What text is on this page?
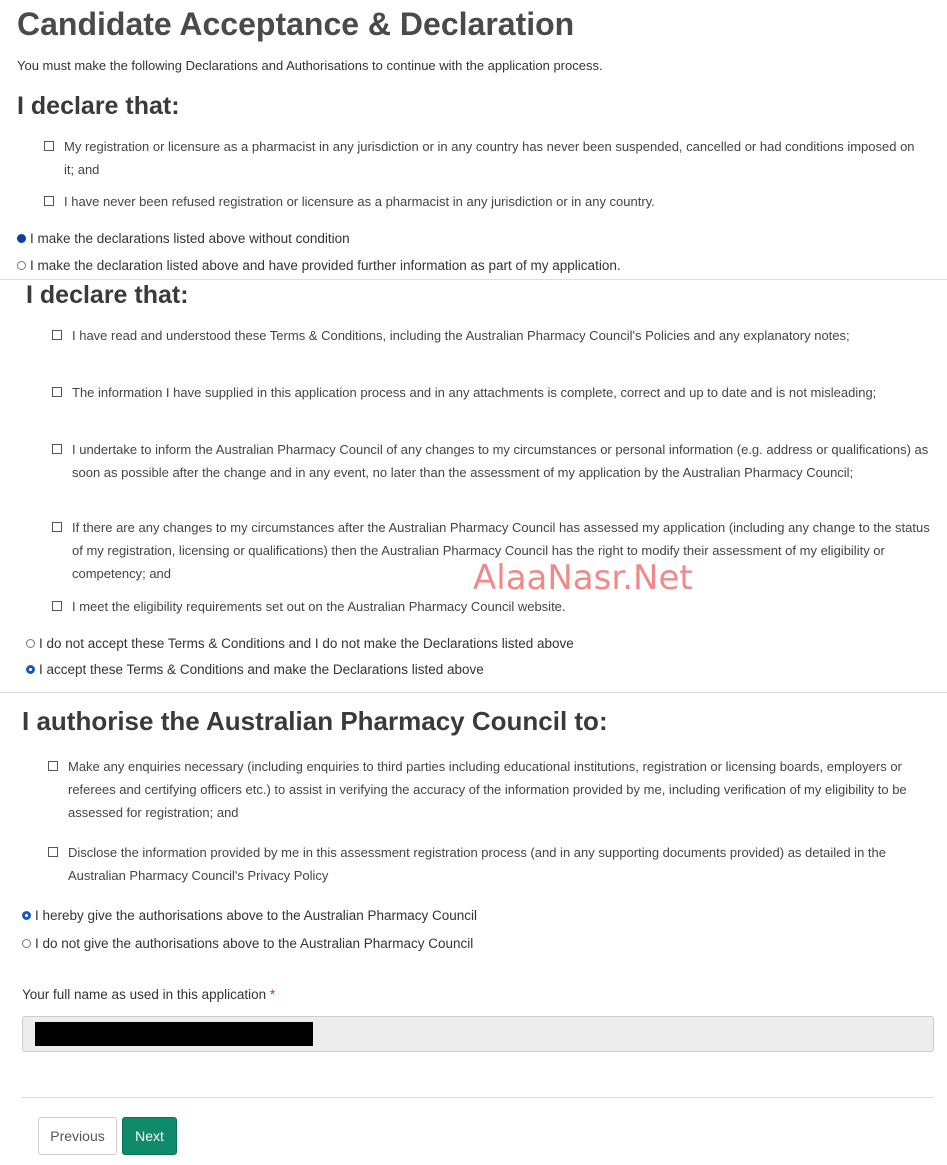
Candidate Acceptance & Declaration

You must make the following Declarations and Authorisations to continue with the application process.

I declare that:
My registration or licensure as a pharmacist in any jurisdiction or in any country has never been suspended, cancelled or had conditions imposed on it; and
I have never been refused registration or licensure as a pharmacist in any jurisdiction or in any country.
I make the declarations listed above without condition
I make the declaration listed above and have provided further information as part of my application.
I declare that:
I have read and understood these Terms & Conditions, including the Australian Pharmacy Council's Policies and any explanatory notes;
The information I have supplied in this application process and in any attachments is complete, correct and up to date and is not misleading;
I undertake to inform the Australian Pharmacy Council of any changes to my circumstances or personal information (e.g. address or qualifications) as soon as possible after the change and in any event, no later than the assessment of my application by the Australian Pharmacy Council;
If there are any changes to my circumstances after the Australian Pharmacy Council has assessed my application (including any change to the status of my registration, licensing or qualifications) then the Australian Pharmacy Council has the right to modify their assessment of my eligibility or competency; and
I meet the eligibility requirements set out on the Australian Pharmacy Council website.
AlaaNasr.Net
I do not accept these Terms & Conditions and I do not make the Declarations listed above
I accept these Terms & Conditions and make the Declarations listed above
I authorise the Australian Pharmacy Council to:
Make any enquiries necessary (including enquiries to third parties including educational institutions, registration or licensing boards, employers or referees and certifying officers etc.) to assist in verifying the accuracy of the information provided by me, including verification of my eligibility to be assessed for registration; and
Disclose the information provided by me in this assessment registration process (and in any supporting documents provided) as detailed in the Australian Pharmacy Council's Privacy Policy
I hereby give the authorisations above to the Australian Pharmacy Council
I do not give the authorisations above to the Australian Pharmacy Council
Your full name as used in this application *
Previous	Next
